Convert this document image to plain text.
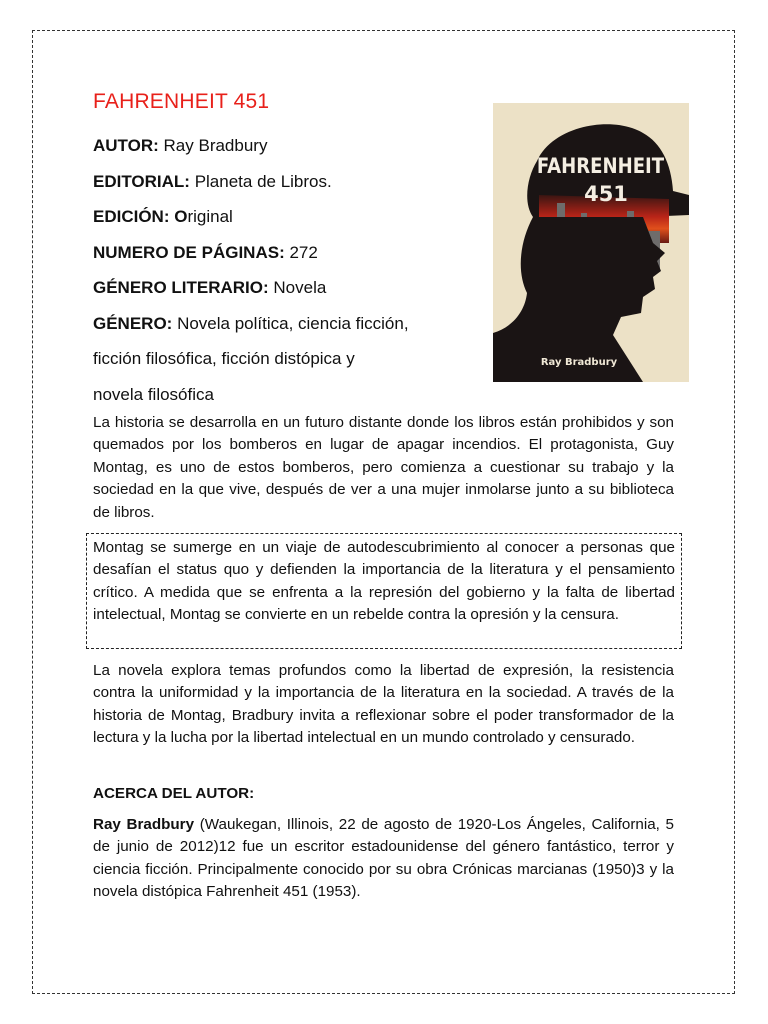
FAHRENHEIT 451
AUTOR: Ray Bradbury
EDITORIAL: Planeta de Libros.
EDICIÓN: Original
NUMERO DE PÁGINAS: 272
GÉNERO LITERARIO: Novela
GÉNERO: Novela política, ciencia ficción,
ficción filosófica, ficción distópica y
novela filosófica
FAHRENHEIT
451
Ray Bradbury
La historia se desarrolla en un futuro distante donde los libros están prohibidos y son quemados por los bomberos en lugar de apagar incendios. El protagonista, Guy Montag, es uno de estos bomberos, pero comienza a cuestionar su trabajo y la sociedad en la que vive, después de ver a una mujer inmolarse junto a su biblioteca de libros.
Montag se sumerge en un viaje de autodescubrimiento al conocer a personas que desafían el status quo y defienden la importancia de la literatura y el pensamiento crítico. A medida que se enfrenta a la represión del gobierno y la falta de libertad intelectual, Montag se convierte en un rebelde contra la opresión y la censura.
La novela explora temas profundos como la libertad de expresión, la resistencia contra la uniformidad y la importancia de la literatura en la sociedad. A través de la historia de Montag, Bradbury invita a reflexionar sobre el poder transformador de la lectura y la lucha por la libertad intelectual en un mundo controlado y censurado.
ACERCA DEL AUTOR:
Ray Bradbury (Waukegan, Illinois, 22 de agosto de 1920-Los Ángeles, California, 5 de junio de 2012)12 fue un escritor estadounidense del género fantástico, terror y ciencia ficción. Principalmente conocido por su obra Crónicas marcianas (1950)3 y la novela distópica Fahrenheit 451 (1953).
